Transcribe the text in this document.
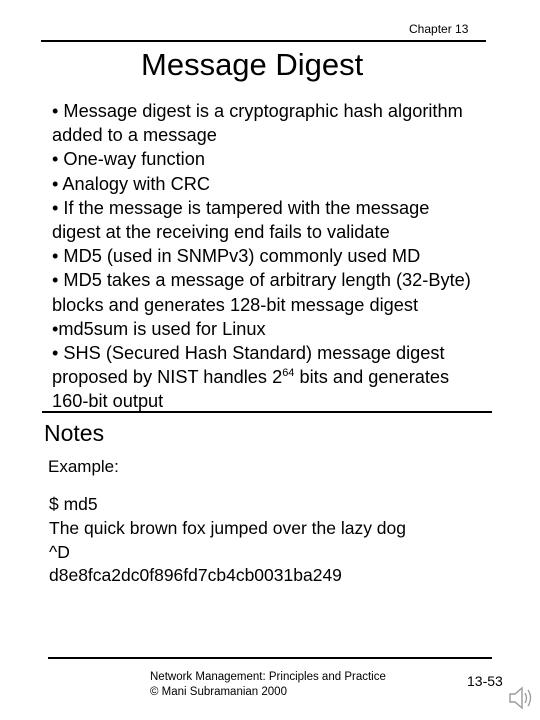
Chapter 13
Message Digest
• Message digest is a cryptographic hash algorithm
added to a message
• One-way function
• Analogy with CRC
• If the message is tampered with the message
digest at the receiving end fails to validate
• MD5 (used in SNMPv3) commonly used MD
• MD5 takes a message of arbitrary length (32-Byte)
blocks and generates 128-bit message digest
•md5sum is used for Linux
• SHS (Secured Hash Standard) message digest
proposed by NIST handles $2^{64}$ bits and generates
160-bit output
Notes
Example:
$ md5
The quick brown fox jumped over the lazy dog
^D
d8e8fca2dc0f896fd7cb4cb0031ba249
Network Management: Principles and Practice
© Mani Subramanian 2000
13-53
